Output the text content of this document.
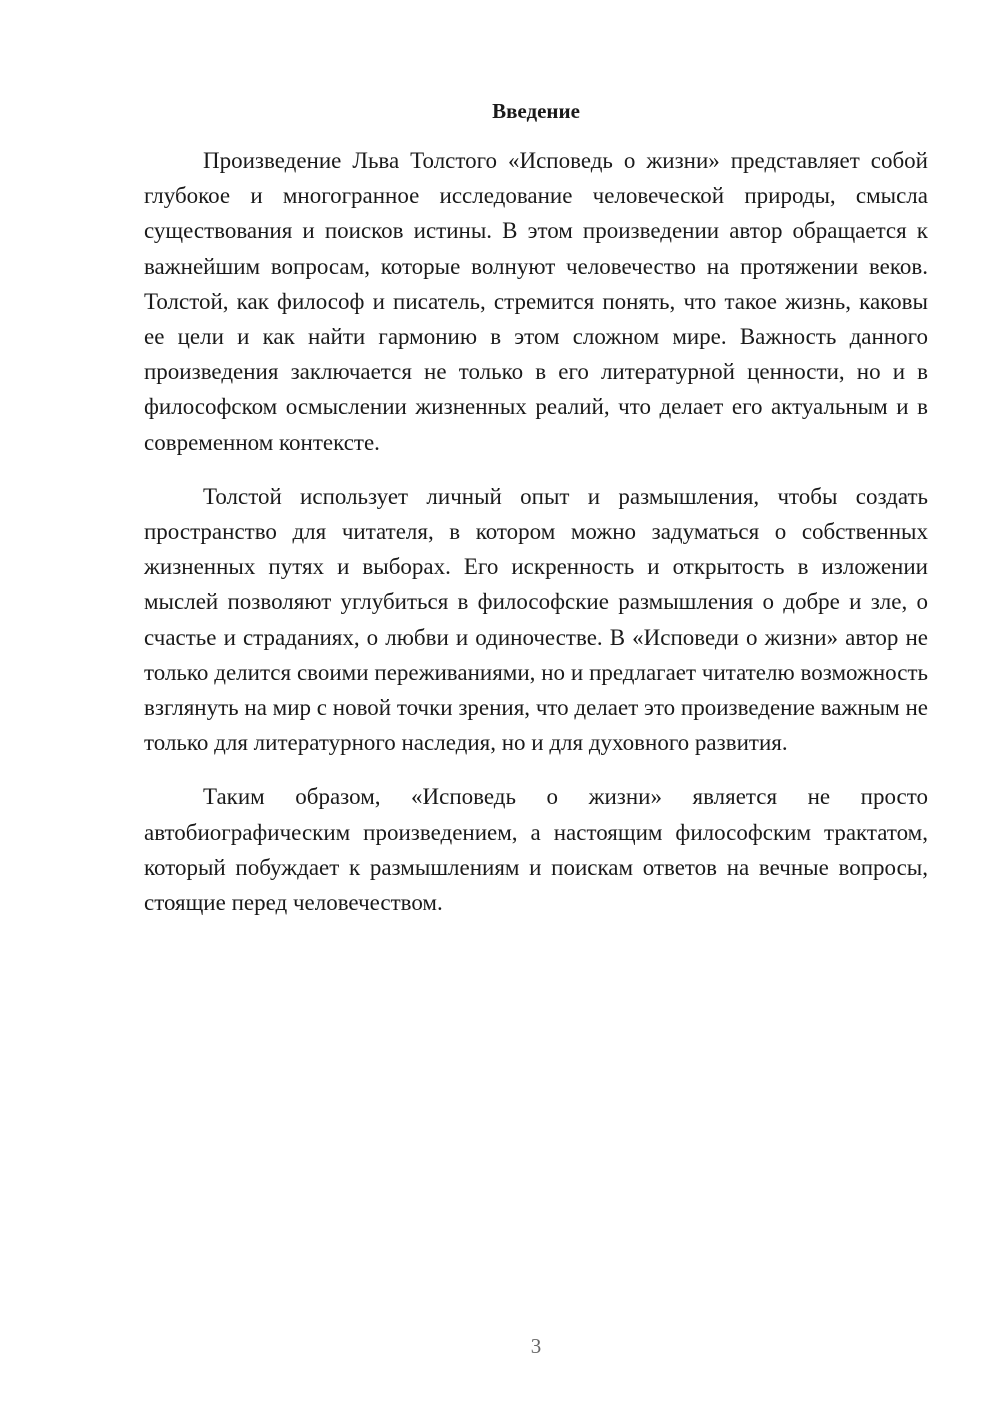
Введение

Произведение Льва Толстого «Исповедь о жизни» представляет собой глубокое и многогранное исследование человеческой природы, смысла существования и поисков истины. В этом произведении автор обращается к важнейшим вопросам, которые волнуют человечество на протяжении веков. Толстой, как философ и писатель, стремится понять, что такое жизнь, каковы ее цели и как найти гармонию в этом сложном мире. Важность данного произведения заключается не только в его литературной ценности, но и в философском осмыслении жизненных реалий, что делает его актуальным и в современном контексте.

Толстой использует личный опыт и размышления, чтобы создать пространство для читателя, в котором можно задуматься о собственных жизненных путях и выборах. Его искренность и открытость в изложении мыслей позволяют углубиться в философские размышления о добре и зле, о счастье и страданиях, о любви и одиночестве. В «Исповеди о жизни» автор не только делится своими переживаниями, но и предлагает читателю возможность взглянуть на мир с новой точки зрения, что делает это произведение важным не только для литературного наследия, но и для духовного развития.

Таким образом, «Исповедь о жизни» является не просто автобиографическим произведением, а настоящим философским трактатом, который побуждает к размышлениям и поискам ответов на вечные вопросы, стоящие перед человечеством.

3
